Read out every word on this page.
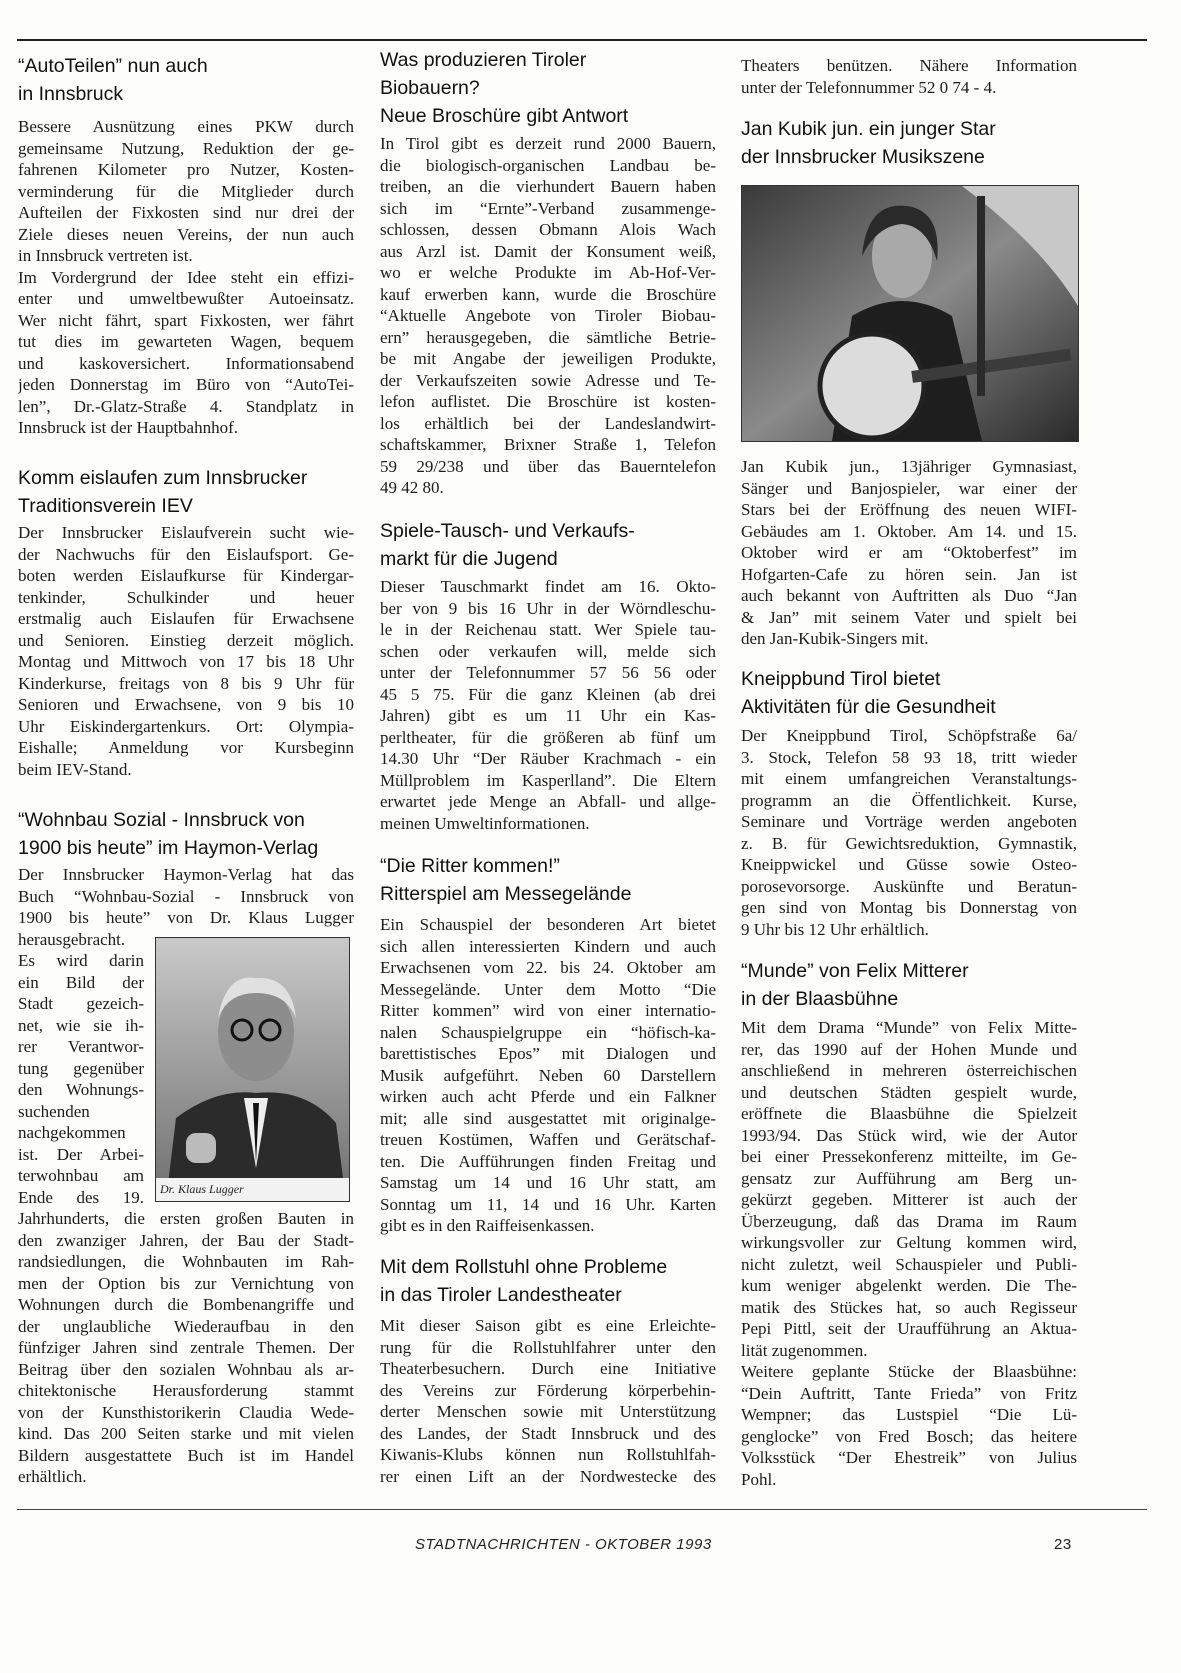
“AutoTeilen” nun auch
in Innsbruck
Bessere Ausnützung eines PKW durch
gemeinsame Nutzung, Reduktion der ge-
fahrenen Kilometer pro Nutzer, Kosten-
verminderung für die Mitglieder durch
Aufteilen der Fixkosten sind nur drei der
Ziele dieses neuen Vereins, der nun auch
in Innsbruck vertreten ist.
Im Vordergrund der Idee steht ein effizi-
enter und umweltbewußter Autoeinsatz.
Wer nicht fährt, spart Fixkosten, wer fährt
tut dies im gewarteten Wagen, bequem
und kaskoversichert. Informationsabend
jeden Donnerstag im Büro von “AutoTei-
len”, Dr.-Glatz-Straße 4. Standplatz in
Innsbruck ist der Hauptbahnhof.
Komm eislaufen zum Innsbrucker
Traditionsverein IEV
Der Innsbrucker Eislaufverein sucht wie-
der Nachwuchs für den Eislaufsport. Ge-
boten werden Eislaufkurse für Kindergar-
tenkinder, Schulkinder und heuer
erstmalig auch Eislaufen für Erwachsene
und Senioren. Einstieg derzeit möglich.
Montag und Mittwoch von 17 bis 18 Uhr
Kinderkurse, freitags von 8 bis 9 Uhr für
Senioren und Erwachsene, von 9 bis 10
Uhr Eiskindergartenkurs. Ort: Olympia-
Eishalle; Anmeldung vor Kursbeginn
beim IEV-Stand.
“Wohnbau Sozial - Innsbruck von
1900 bis heute” im Haymon-Verlag
Der Innsbrucker Haymon-Verlag hat das
Buch “Wohnbau-Sozial - Innsbruck von
1900 bis heute” von Dr. Klaus Lugger
herausgebracht.
Es wird darin
ein Bild der
Stadt gezeich-
net, wie sie ih-
rer Verantwor-
tung gegenüber
den Wohnungs-
suchenden
nachgekommen
ist. Der Arbei-
terwohnbau am
Ende des 19.
Jahrhunderts, die ersten großen Bauten in
den zwanziger Jahren, der Bau der Stadt-
randsiedlungen, die Wohnbauten im Rah-
men der Option bis zur Vernichtung von
Wohnungen durch die Bombenangriffe und
der unglaubliche Wiederaufbau in den
fünfziger Jahren sind zentrale Themen. Der
Beitrag über den sozialen Wohnbau als ar-
chitektonische Herausforderung stammt
von der Kunsthistorikerin Claudia Wede-
kind. Das 200 Seiten starke und mit vielen
Bildern ausgestattete Buch ist im Handel
erhältlich.
Was produzieren Tiroler
Biobauern?
Neue Broschüre gibt Antwort
In Tirol gibt es derzeit rund 2000 Bauern,
die biologisch-organischen Landbau be-
treiben, an die vierhundert Bauern haben
sich im “Ernte”-Verband zusammenge-
schlossen, dessen Obmann Alois Wach
aus Arzl ist. Damit der Konsument weiß,
wo er welche Produkte im Ab-Hof-Ver-
kauf erwerben kann, wurde die Broschüre
“Aktuelle Angebote von Tiroler Biobau-
ern” herausgegeben, die sämtliche Betrie-
be mit Angabe der jeweiligen Produkte,
der Verkaufszeiten sowie Adresse und Te-
lefon auflistet. Die Broschüre ist kosten-
los erhältlich bei der Landeslandwirt-
schaftskammer, Brixner Straße 1, Telefon
59 29/238 und über das Bauerntelefon
49 42 80.
Spiele-Tausch- und Verkaufs-
markt für die Jugend
Dieser Tauschmarkt findet am 16. Okto-
ber von 9 bis 16 Uhr in der Wörndleschu-
le in der Reichenau statt. Wer Spiele tau-
schen oder verkaufen will, melde sich
unter der Telefonnummer 57 56 56 oder
45 5 75. Für die ganz Kleinen (ab drei
Jahren) gibt es um 11 Uhr ein Kas-
perltheater, für die größeren ab fünf um
14.30 Uhr “Der Räuber Krachmach - ein
Müllproblem im Kasperlland”. Die Eltern
erwartet jede Menge an Abfall- und allge-
meinen Umweltinformationen.
“Die Ritter kommen!”
Ritterspiel am Messegelände
Ein Schauspiel der besonderen Art bietet
sich allen interessierten Kindern und auch
Erwachsenen vom 22. bis 24. Oktober am
Messegelände. Unter dem Motto “Die
Ritter kommen” wird von einer internatio-
nalen Schauspielgruppe ein “höfisch-ka-
barettistisches Epos” mit Dialogen und
Musik aufgeführt. Neben 60 Darstellern
wirken auch acht Pferde und ein Falkner
mit; alle sind ausgestattet mit originalge-
treuen Kostümen, Waffen und Gerätschaf-
ten. Die Aufführungen finden Freitag und
Samstag um 14 und 16 Uhr statt, am
Sonntag um 11, 14 und 16 Uhr. Karten
gibt es in den Raiffeisenkassen.
Mit dem Rollstuhl ohne Probleme
in das Tiroler Landestheater
Mit dieser Saison gibt es eine Erleichte-
rung für die Rollstuhlfahrer unter den
Theaterbesuchern. Durch eine Initiative
des Vereins zur Förderung körperbehin-
derter Menschen sowie mit Unterstützung
des Landes, der Stadt Innsbruck und des
Kiwanis-Klubs können nun Rollstuhlfah-
rer einen Lift an der Nordwestecke des
Theaters benützen. Nähere Information
unter der Telefonnummer 52 0 74 - 4.
Jan Kubik jun. ein junger Star
der Innsbrucker Musikszene
Jan Kubik jun., 13jähriger Gymnasiast,
Sänger und Banjospieler, war einer der
Stars bei der Eröffnung des neuen WIFI-
Gebäudes am 1. Oktober. Am 14. und 15.
Oktober wird er am “Oktoberfest” im
Hofgarten-Cafe zu hören sein. Jan ist
auch bekannt von Auftritten als Duo “Jan
& Jan” mit seinem Vater und spielt bei
den Jan-Kubik-Singers mit.
Kneippbund Tirol bietet
Aktivitäten für die Gesundheit
Der Kneippbund Tirol, Schöpfstraße 6a/
3. Stock, Telefon 58 93 18, tritt wieder
mit einem umfangreichen Veranstaltungs-
programm an die Öffentlichkeit. Kurse,
Seminare und Vorträge werden angeboten
z. B. für Gewichtsreduktion, Gymnastik,
Kneippwickel und Güsse sowie Osteo-
porosevorsorge. Auskünfte und Beratun-
gen sind von Montag bis Donnerstag von
9 Uhr bis 12 Uhr erhältlich.
“Munde” von Felix Mitterer
in der Blaasbühne
Mit dem Drama “Munde” von Felix Mitte-
rer, das 1990 auf der Hohen Munde und
anschließend in mehreren österreichischen
und deutschen Städten gespielt wurde,
eröffnete die Blaasbühne die Spielzeit
1993/94. Das Stück wird, wie der Autor
bei einer Pressekonferenz mitteilte, im Ge-
gensatz zur Aufführung am Berg un-
gekürzt gegeben. Mitterer ist auch der
Überzeugung, daß das Drama im Raum
wirkungsvoller zur Geltung kommen wird,
nicht zuletzt, weil Schauspieler und Publi-
kum weniger abgelenkt werden. Die The-
matik des Stückes hat, so auch Regisseur
Pepi Pittl, seit der Uraufführung an Aktua-
lität zugenommen.
Weitere geplante Stücke der Blaasbühne:
“Dein Auftritt, Tante Frieda” von Fritz
Wempner; das Lustspiel “Die Lü-
genglocke” von Fred Bosch; das heitere
Volksstück “Der Ehestreik” von Julius
Pohl.
Dr. Klaus Lugger
STADTNACHRICHTEN - OKTOBER 1993	23
